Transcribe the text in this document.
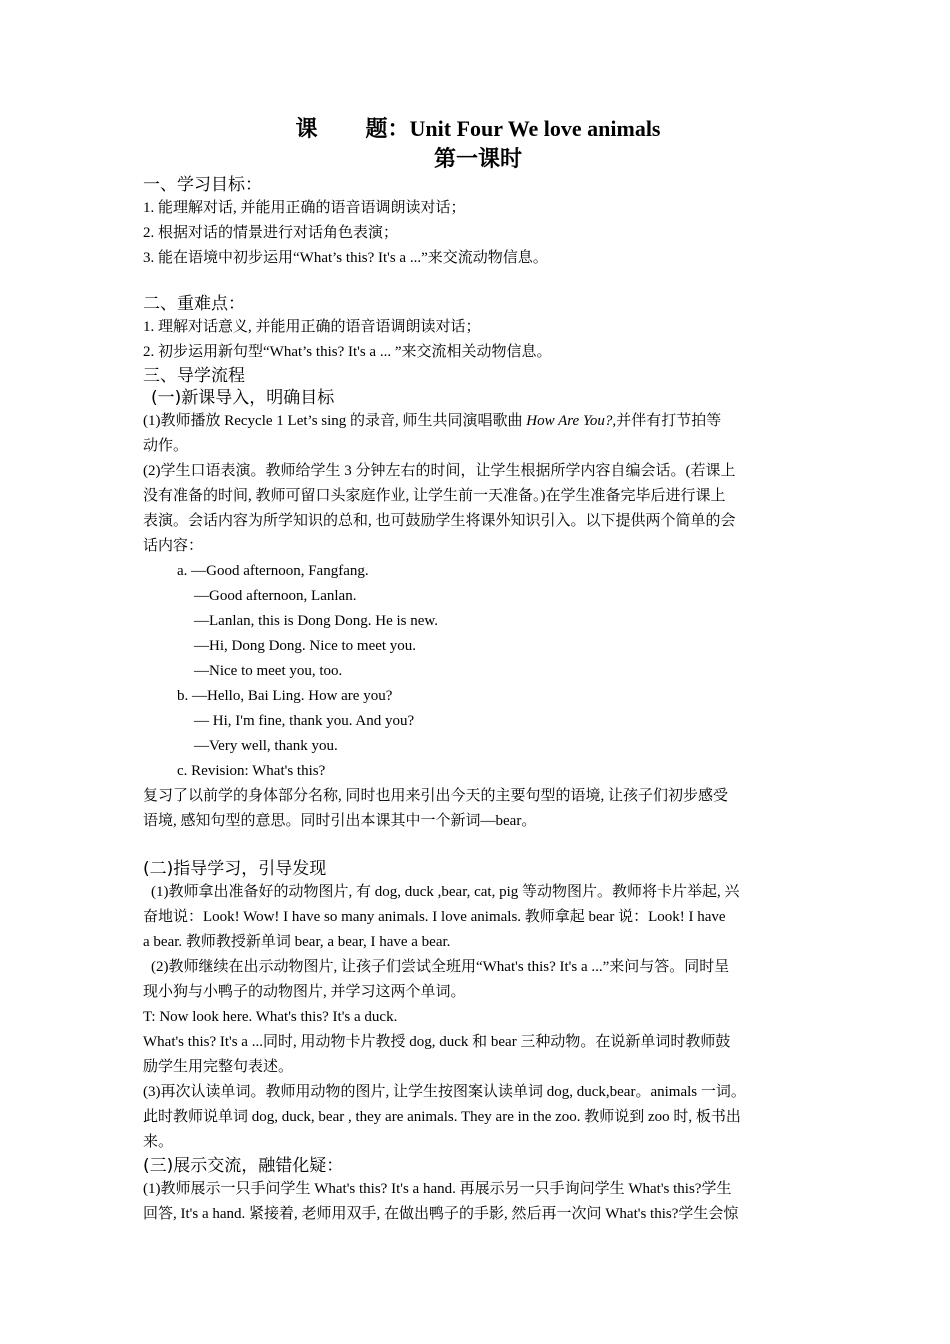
课 题：Unit Four We love animals
第一课时
一、学习目标：
1. 能理解对话, 并能用正确的语音语调朗读对话；
2. 根据对话的情景进行对话角色表演；
3. 能在语境中初步运用“What’s this? It's a ...”来交流动物信息。
二、重难点：
1. 理解对话意义, 并能用正确的语音语调朗读对话；
2. 初步运用新句型“What’s this? It's a ... ”来交流相关动物信息。
三、导学流程
(一)新课导入，明确目标
(1)教师播放 Recycle 1 Let’s sing 的录音, 师生共同演唱歌曲 How Are You?,并伴有打节拍等
动作。
(2)学生口语表演。教师给学生 3 分钟左右的时间，让学生根据所学内容自编会话。(若课上
没有准备的时间, 教师可留口头家庭作业, 让学生前一天准备。)在学生准备完毕后进行课上
表演。会话内容为所学知识的总和, 也可鼓励学生将课外知识引入。以下提供两个简单的会
话内容：
a. —Good afternoon, Fangfang.
—Good afternoon, Lanlan.
—Lanlan, this is Dong Dong. He is new.
—Hi, Dong Dong. Nice to meet you.
—Nice to meet you, too.
b. —Hello, Bai Ling. How are you?
— Hi, I'm fine, thank you. And you?
—Very well, thank you.
c. Revision: What's this?
复习了以前学的身体部分名称, 同时也用来引出今天的主要句型的语境, 让孩子们初步感受
语境, 感知句型的意思。同时引出本课其中一个新词—bear。
(二)指导学习，引导发现
(1)教师拿出准备好的动物图片, 有 dog, duck ,bear, cat, pig 等动物图片。教师将卡片举起, 兴
奋地说：Look! Wow! I have so many animals. I love animals. 教师拿起 bear 说：Look! I have
a bear. 教师教授新单词 bear, a bear, I have a bear.
(2)教师继续在出示动物图片, 让孩子们尝试全班用“What's this? It's a ...”来问与答。同时呈
现小狗与小鸭子的动物图片, 并学习这两个单词。
T: Now look here. What's this? It's a duck.
What's this? It's a ...同时, 用动物卡片教授 dog, duck 和 bear 三种动物。在说新单词时教师鼓
励学生用完整句表述。
(3)再次认读单词。教师用动物的图片, 让学生按图案认读单词 dog, duck,bear。animals 一词。
此时教师说单词 dog, duck, bear , they are animals. They are in the zoo. 教师说到 zoo 时, 板书出
来。
(三)展示交流，融错化疑：
(1)教师展示一只手问学生 What's this? It's a hand. 再展示另一只手询问学生 What's this?学生
回答, It's a hand. 紧接着, 老师用双手, 在做出鸭子的手影, 然后再一次问 What's this?学生会惊
